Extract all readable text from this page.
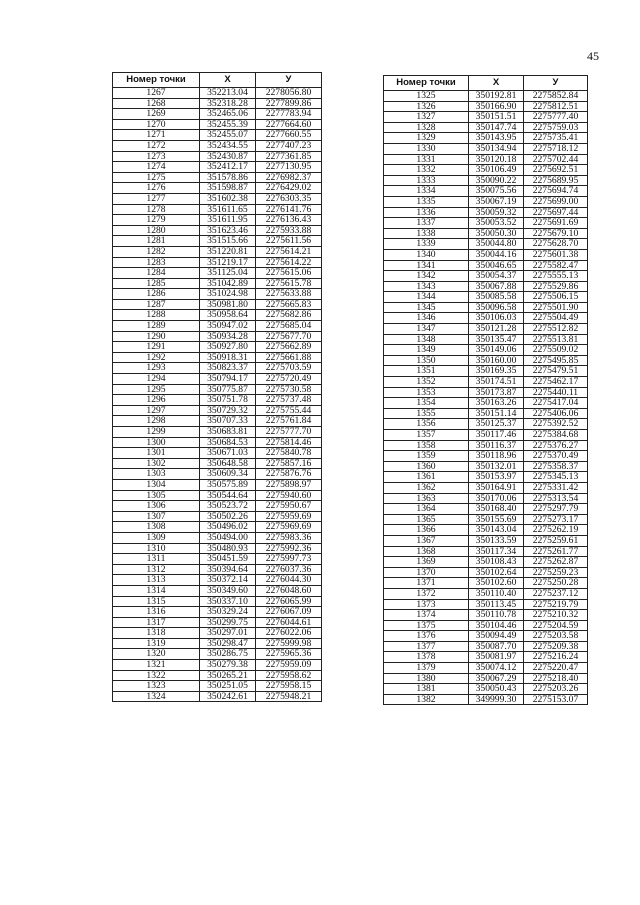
45
Номер точки	X	У
1267	352213.04	2278056.80
1268	352318.28	2277899.86
1269	352465.06	2277783.94
1270	352455.39	2277664.60
1271	352455.07	2277660.55
1272	352434.55	2277407.23
1273	352430.87	2277361.85
1274	352412.17	2277130.95
1275	351578.86	2276982.37
1276	351598.87	2276429.02
1277	351602.38	2276303.35
1278	351611.65	2276141.76
1279	351611.95	2276136.43
1280	351623.46	2275933.88
1281	351515.66	2275611.56
1282	351220.81	2275614.21
1283	351219.17	2275614.22
1284	351125.04	2275615.06
1285	351042.89	2275615.78
1286	351024.98	2275633.88
1287	350981.80	2275665.83
1288	350958.64	2275682.86
1289	350947.02	2275685.04
1290	350934.28	2275677.70
1291	350927.80	2275662.89
1292	350918.31	2275661.88
1293	350823.37	2275703.59
1294	350794.17	2275720.49
1295	350775.87	2275730.58
1296	350751.78	2275737.48
1297	350729.32	2275755.44
1298	350707.33	2275761.84
1299	350683.81	2275777.70
1300	350684.53	2275814.46
1301	350671.03	2275840.78
1302	350648.58	2275857.16
1303	350609.34	2275876.76
1304	350575.89	2275898.97
1305	350544.64	2275940.60
1306	350523.72	2275950.67
1307	350502.26	2275959.69
1308	350496.02	2275969.69
1309	350494.00	2275983.36
1310	350480.93	2275992.36
1311	350451.59	2275997.73
1312	350394.64	2276037.36
1313	350372.14	2276044.30
1314	350349.60	2276048.60
1315	350337.10	2276065.99
1316	350329.24	2276067.09
1317	350299.75	2276044.61
1318	350297.01	2276022.06
1319	350298.47	2275999.98
1320	350286.75	2275965.36
1321	350279.38	2275959.09
1322	350265.21	2275958.62
1323	350251.05	2275958.15
1324	350242.61	2275948.21
Номер точки	X	У
1325	350192.81	2275852.84
1326	350166.90	2275812.51
1327	350151.51	2275777.40
1328	350147.74	2275759.03
1329	350143.95	2275735.41
1330	350134.94	2275718.12
1331	350120.18	2275702.44
1332	350106.49	2275692.51
1333	350090.22	2275689.95
1334	350075.56	2275694.74
1335	350067.19	2275699.00
1336	350059.32	2275697.44
1337	350053.52	2275691.69
1338	350050.30	2275679.10
1339	350044.80	2275628.70
1340	350044.16	2275601.38
1341	350046.65	2275582.47
1342	350054.37	2275555.13
1343	350067.88	2275529.86
1344	350085.58	2275506.15
1345	350096.58	2275501.90
1346	350106.03	2275504.49
1347	350121.28	2275512.82
1348	350135.47	2275513.81
1349	350149.06	2275509.02
1350	350160.00	2275495.85
1351	350169.35	2275479.51
1352	350174.51	2275462.17
1353	350173.87	2275440.11
1354	350163.26	2275417.04
1355	350151.14	2275406.06
1356	350125.37	2275392.52
1357	350117.46	2275384.68
1358	350116.37	2275376.27
1359	350118.96	2275370.49
1360	350132.01	2275358.37
1361	350153.97	2275345.13
1362	350164.91	2275331.42
1363	350170.06	2275313.54
1364	350168.40	2275297.79
1365	350155.69	2275273.17
1366	350143.04	2275262.19
1367	350133.59	2275259.61
1368	350117.34	2275261.77
1369	350108.43	2275262.87
1370	350102.64	2275259.23
1371	350102.60	2275250.28
1372	350110.40	2275237.12
1373	350113.45	2275219.79
1374	350110.78	2275210.32
1375	350104.46	2275204.59
1376	350094.49	2275203.58
1377	350087.70	2275209.38
1378	350081.97	2275216.24
1379	350074.12	2275220.47
1380	350067.29	2275218.40
1381	350050.43	2275203.26
1382	349999.30	2275153.07
